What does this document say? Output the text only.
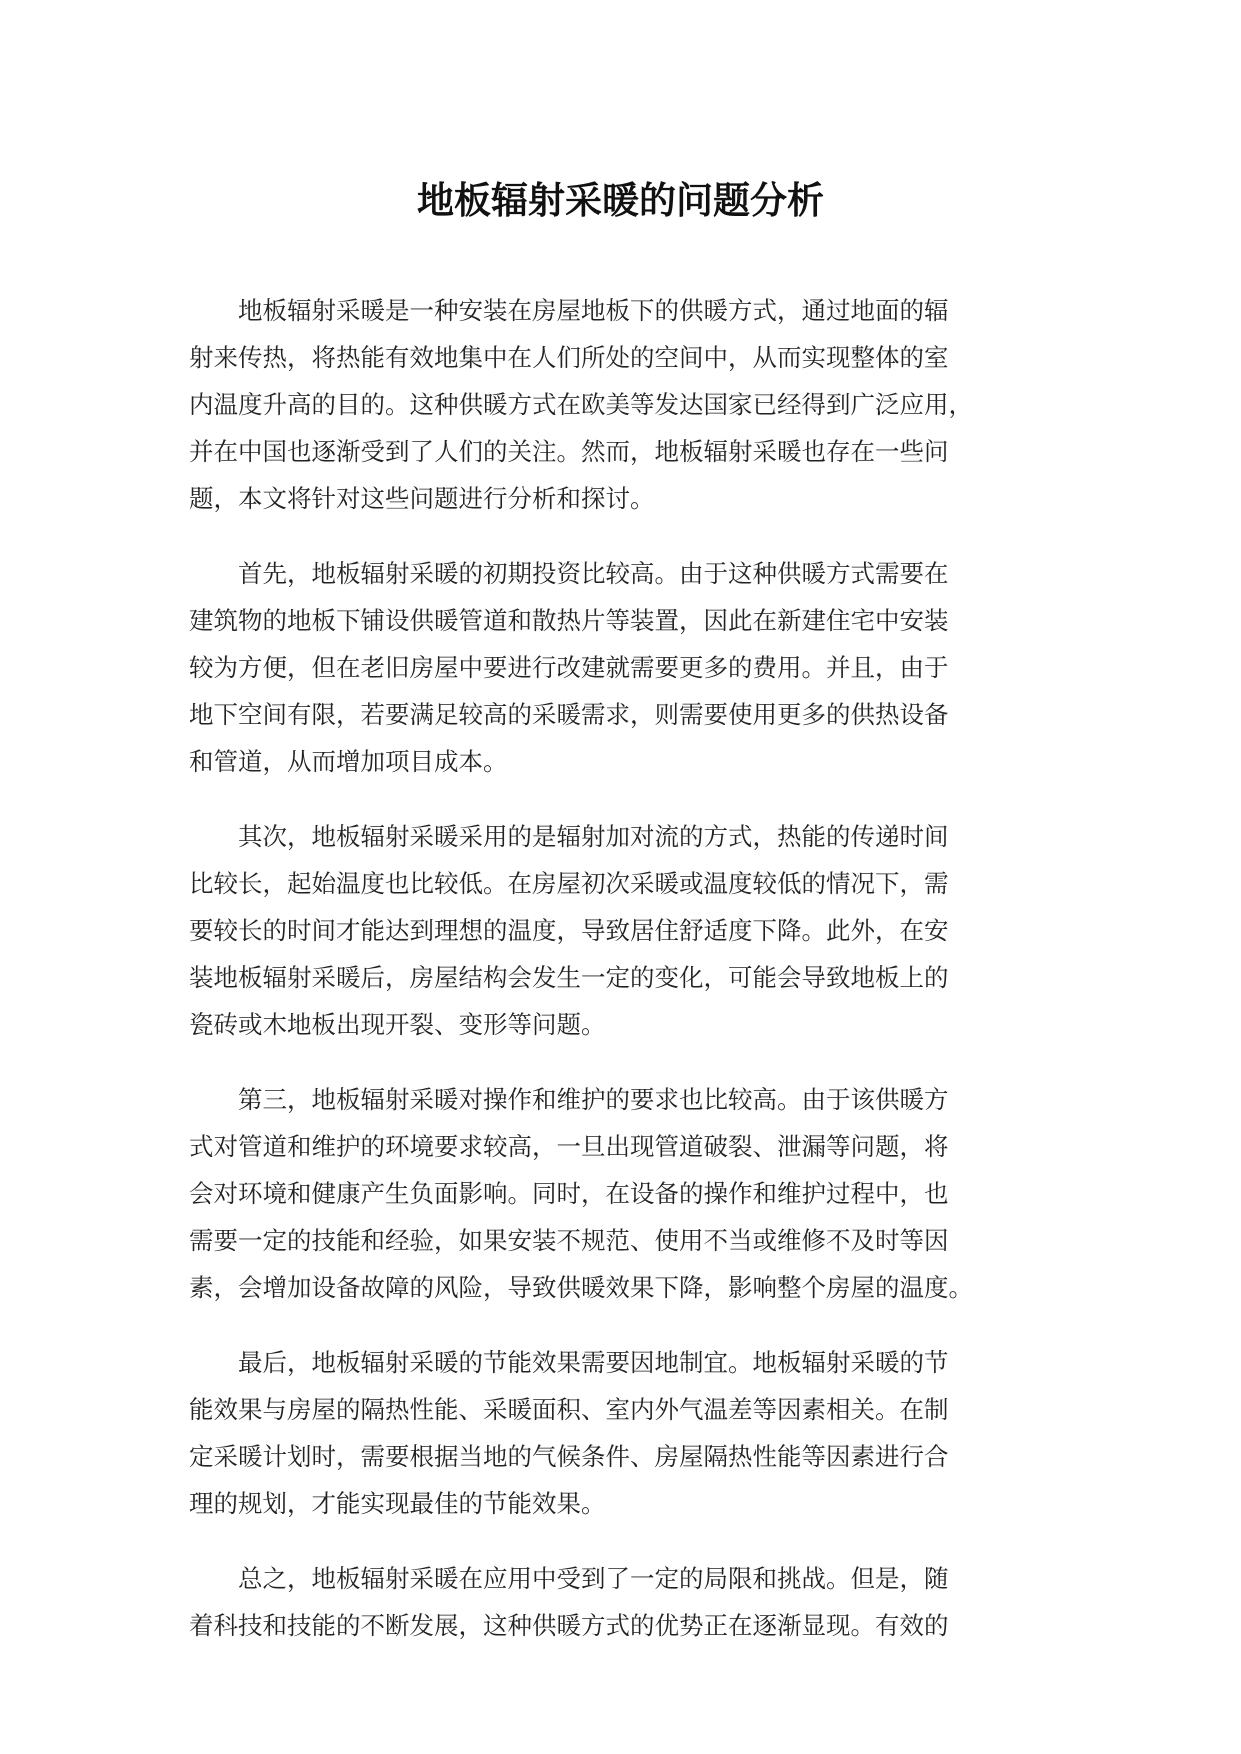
地板辐射采暖的问题分析

地板辐射采暖是一种安装在房屋地板下的供暖方式，通过地面的辐
射来传热，将热能有效地集中在人们所处的空间中，从而实现整体的室
内温度升高的目的。这种供暖方式在欧美等发达国家已经得到广泛应用，
并在中国也逐渐受到了人们的关注。然而，地板辐射采暖也存在一些问
题，本文将针对这些问题进行分析和探讨。

首先，地板辐射采暖的初期投资比较高。由于这种供暖方式需要在
建筑物的地板下铺设供暖管道和散热片等装置，因此在新建住宅中安装
较为方便，但在老旧房屋中要进行改建就需要更多的费用。并且，由于
地下空间有限，若要满足较高的采暖需求，则需要使用更多的供热设备
和管道，从而增加项目成本。

其次，地板辐射采暖采用的是辐射加对流的方式，热能的传递时间
比较长，起始温度也比较低。在房屋初次采暖或温度较低的情况下，需
要较长的时间才能达到理想的温度，导致居住舒适度下降。此外，在安
装地板辐射采暖后，房屋结构会发生一定的变化，可能会导致地板上的
瓷砖或木地板出现开裂、变形等问题。

第三，地板辐射采暖对操作和维护的要求也比较高。由于该供暖方
式对管道和维护的环境要求较高，一旦出现管道破裂、泄漏等问题，将
会对环境和健康产生负面影响。同时，在设备的操作和维护过程中，也
需要一定的技能和经验，如果安装不规范、使用不当或维修不及时等因
素，会增加设备故障的风险，导致供暖效果下降，影响整个房屋的温度。

最后，地板辐射采暖的节能效果需要因地制宜。地板辐射采暖的节
能效果与房屋的隔热性能、采暖面积、室内外气温差等因素相关。在制
定采暖计划时，需要根据当地的气候条件、房屋隔热性能等因素进行合
理的规划，才能实现最佳的节能效果。

总之，地板辐射采暖在应用中受到了一定的局限和挑战。但是，随
着科技和技能的不断发展，这种供暖方式的优势正在逐渐显现。有效的
